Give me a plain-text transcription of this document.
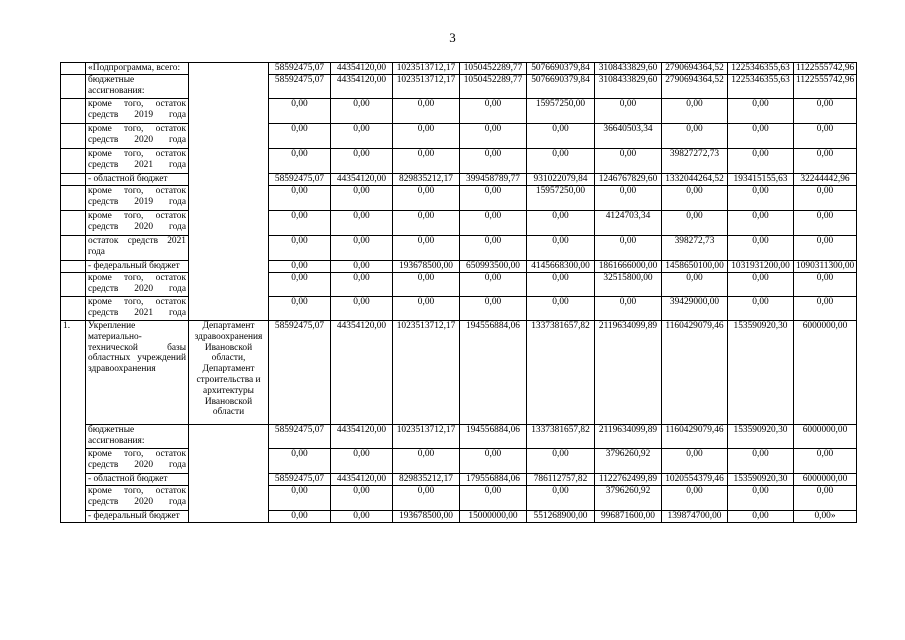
3
	«Подпрограмма, всего:		58592475,07	44354120,00	1023513712,17	1050452289,77	5076690379,84	3108433829,60	2790694364,52	1225346355,63	1122555742,96
	бюджетные ассигнования:		58592475,07	44354120,00	1023513712,17	1050452289,77	5076690379,84	3108433829,60	2790694364,52	1225346355,63	1122555742,96
	кроме того, остаток средств 2019 года		0,00	0,00	0,00	0,00	15957250,00	0,00	0,00	0,00	0,00
	кроме того, остаток средств 2020 года		0,00	0,00	0,00	0,00	0,00	36640503,34	0,00	0,00	0,00
	кроме того, остаток средств 2021 года		0,00	0,00	0,00	0,00	0,00	0,00	39827272,73	0,00	0,00
	- областной бюджет		58592475,07	44354120,00	829835212,17	399458789,77	931022079,84	1246767829,60	1332044264,52	193415155,63	32244442,96
	кроме того, остаток средств 2019 года		0,00	0,00	0,00	0,00	15957250,00	0,00	0,00	0,00	0,00
	кроме того, остаток средств 2020 года		0,00	0,00	0,00	0,00	0,00	4124703,34	0,00	0,00	0,00
	остаток средств 2021 года		0,00	0,00	0,00	0,00	0,00	0,00	398272,73	0,00	0,00
	- федеральный бюджет		0,00	0,00	193678500,00	650993500,00	4145668300,00	1861666000,00	1458650100,00	1031931200,00	1090311300,00
	кроме того, остаток средств 2020 года		0,00	0,00	0,00	0,00	0,00	32515800,00	0,00	0,00	0,00
	кроме того, остаток средств 2021 года		0,00	0,00	0,00	0,00	0,00	0,00	39429000,00	0,00	0,00
1.	Укрепление материально-технической базы областных учреждений здравоохранения	Департамент здравоохранения Ивановской области, Департамент строительства и архитектуры Ивановской области	58592475,07	44354120,00	1023513712,17	194556884,06	1337381657,82	2119634099,89	1160429079,46	153590920,30	6000000,00
	бюджетные ассигнования:		58592475,07	44354120,00	1023513712,17	194556884,06	1337381657,82	2119634099,89	1160429079,46	153590920,30	6000000,00
	кроме того, остаток средств 2020 года		0,00	0,00	0,00	0,00	0,00	3796260,92	0,00	0,00	0,00
	- областной бюджет		58592475,07	44354120,00	829835212,17	179556884,06	786112757,82	1122762499,89	1020554379,46	153590920,30	6000000,00
	кроме того, остаток средств 2020 года		0,00	0,00	0,00	0,00	0,00	3796260,92	0,00	0,00	0,00
	- федеральный бюджет		0,00	0,00	193678500,00	15000000,00	551268900,00	996871600,00	139874700,00	0,00	0,00»
